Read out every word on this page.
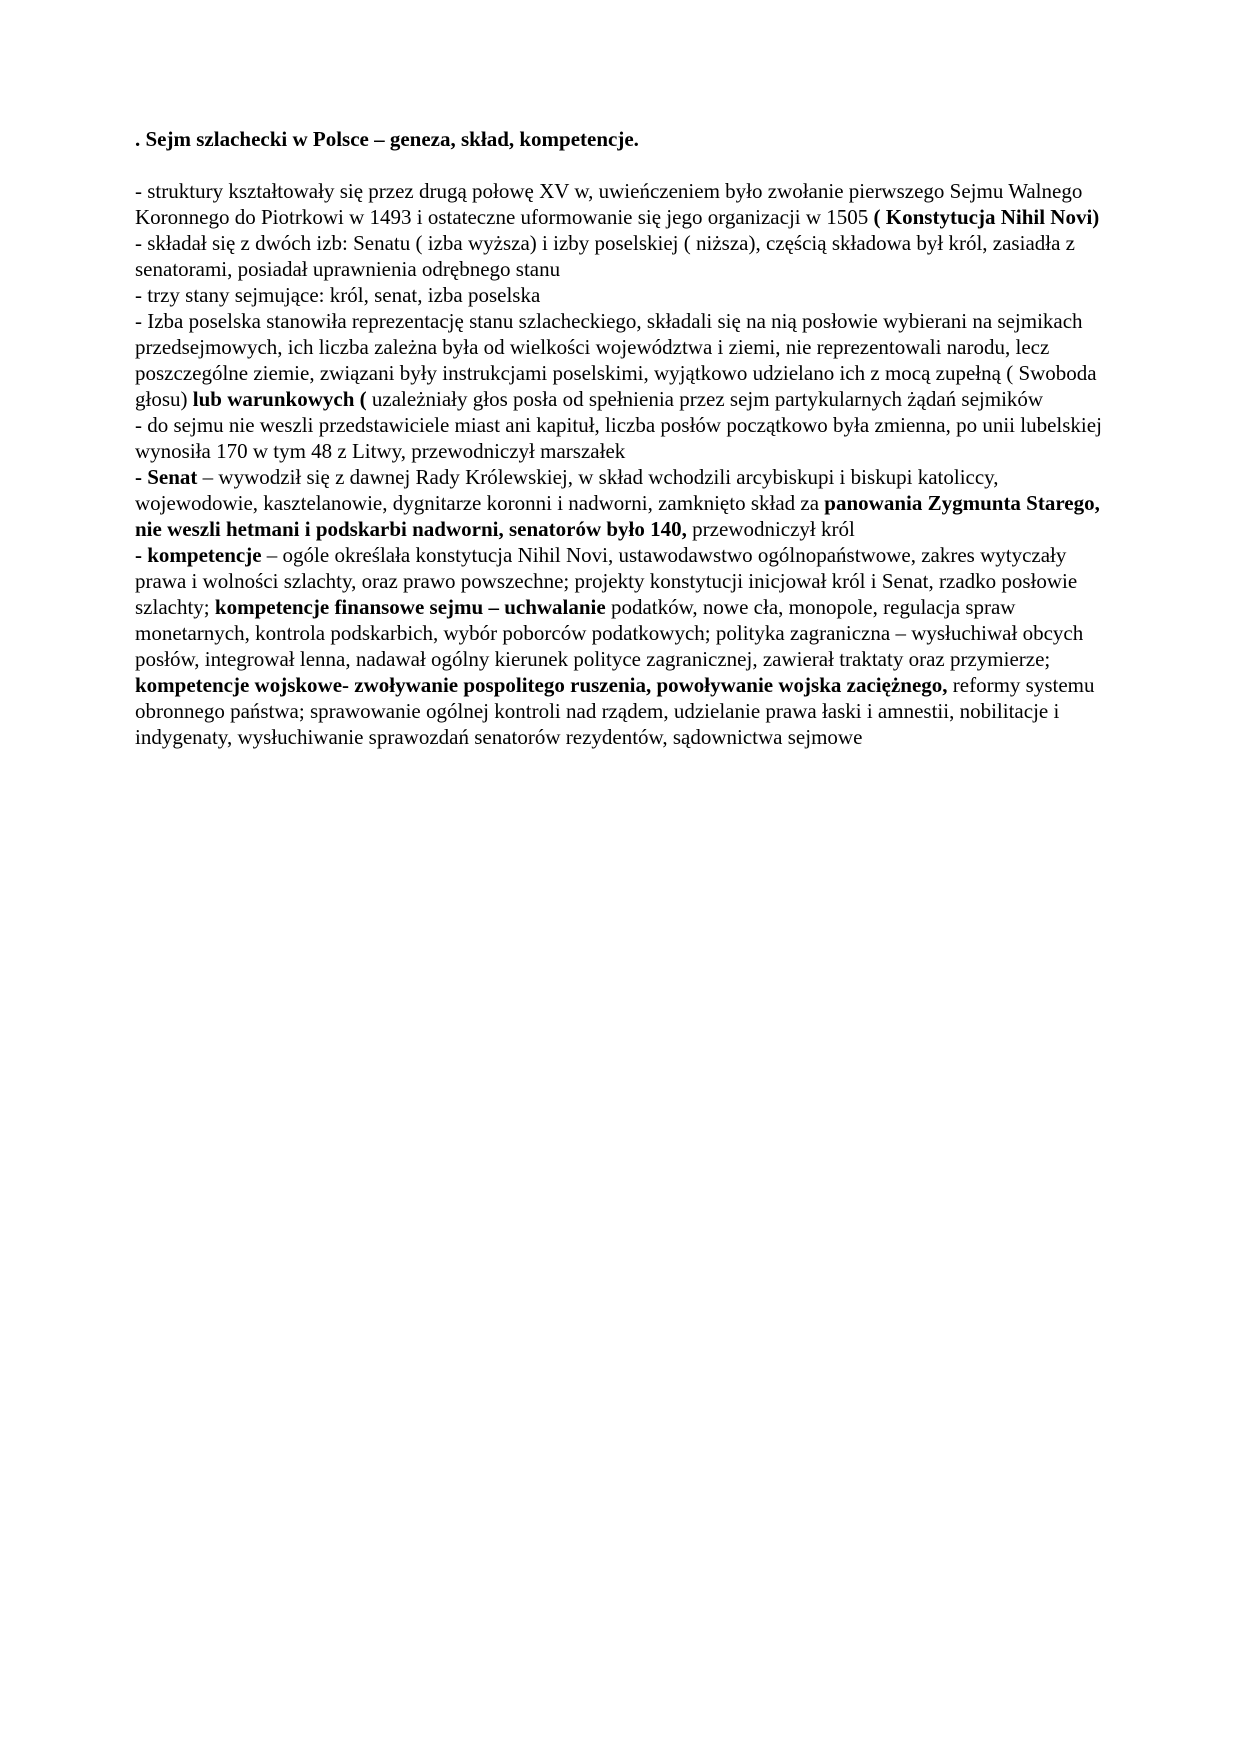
. Sejm szlachecki w Polsce – geneza, skład, kompetencje.

- struktury kształtowały się przez drugą połowę XV w, uwieńczeniem było zwołanie pierwszego Sejmu Walnego Koronnego do Piotrkowi w 1493 i ostateczne uformowanie się jego organizacji w 1505 ( Konstytucja Nihil Novi)

- składał się z dwóch izb: Senatu ( izba wyższa) i izby poselskiej ( niższa), częścią składowa był król, zasiadła z senatorami, posiadał uprawnienia odrębnego stanu

- trzy stany sejmujące: król, senat, izba poselska

- Izba poselska stanowiła reprezentację stanu szlacheckiego, składali się na nią posłowie wybierani na sejmikach przedsejmowych, ich liczba zależna była od wielkości województwa i ziemi, nie reprezentowali narodu, lecz poszczególne ziemie, związani były instrukcjami poselskimi, wyjątkowo udzielano ich z mocą zupełną ( Swoboda głosu) lub warunkowych ( uzależniały głos posła od spełnienia przez sejm partykularnych żądań sejmików

- do sejmu nie weszli przedstawiciele miast ani kapituł, liczba posłów początkowo była zmienna, po unii lubelskiej wynosiła 170 w tym 48 z Litwy, przewodniczył marszałek

- Senat – wywodził się z dawnej Rady Królewskiej, w skład wchodzili arcybiskupi i biskupi katoliccy, wojewodowie, kasztelanowie, dygnitarze koronni i nadworni, zamknięto skład za panowania Zygmunta Starego, nie weszli hetmani i podskarbi nadworni, senatorów było 140, przewodniczył król

- kompetencje – ogóle określała konstytucja Nihil Novi, ustawodawstwo ogólnopaństwowe, zakres wytyczały prawa i wolności szlachty, oraz prawo powszechne; projekty konstytucji inicjował król i Senat, rzadko posłowie szlachty; kompetencje finansowe sejmu – uchwalanie podatków, nowe cła, monopole, regulacja spraw monetarnych, kontrola podskarbich, wybór poborców podatkowych; polityka zagraniczna – wysłuchiwał obcych posłów, integrował lenna, nadawał ogólny kierunek polityce zagranicznej, zawierał traktaty oraz przymierze; kompetencje wojskowe- zwoływanie pospolitego ruszenia, powoływanie wojska zaciężnego, reformy systemu obronnego państwa; sprawowanie ogólnej kontroli nad rządem, udzielanie prawa łaski i amnestii, nobilitacje i indygenaty, wysłuchiwanie sprawozdań senatorów rezydentów, sądownictwa sejmowe
